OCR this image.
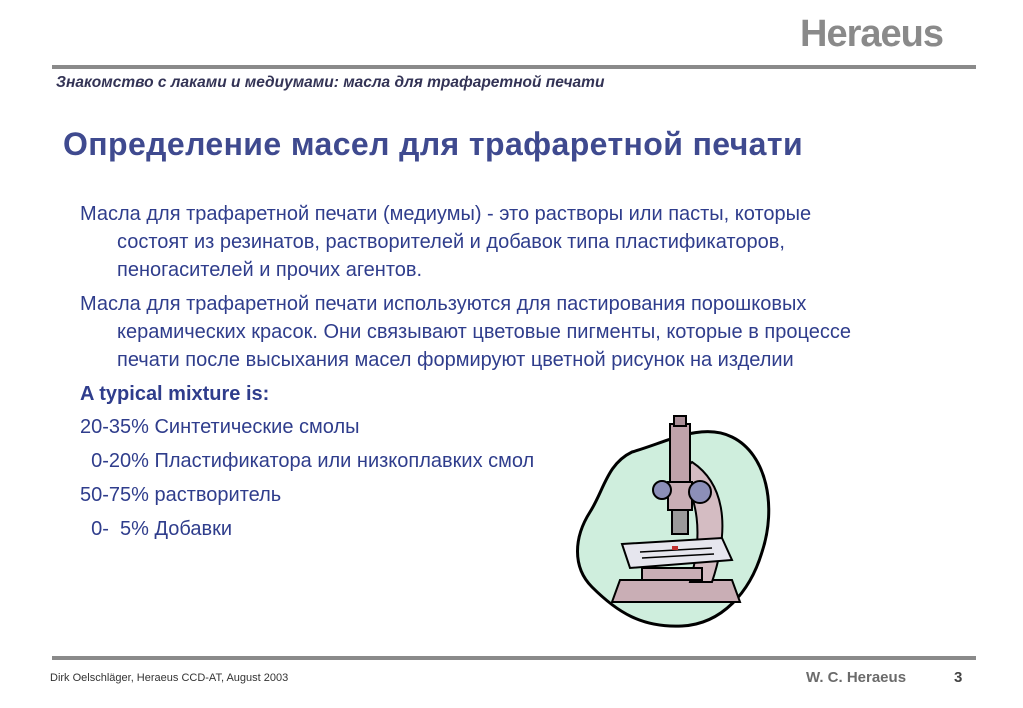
Heraeus
Знакомство с лаками и медиумами: масла для трафаретной печати
Определение масел для трафаретной печати

Масла для трафаретной печати (медиумы) - это растворы или пасты, которые состоят из резинатов, растворителей и добавок типа пластификаторов, пеногасителей и прочих агентов.

Масла для трафаретной печати используются для пастирования порошковых керамических красок. Они связывают цветовые пигменты, которые в процессе печати после высыхания масел формируют цветной рисунок на изделии

A typical mixture is:

20-35% Синтетические смолы

0-20% Пластификатора или низкоплавких смол

50-75% растворитель

0-  5% Добавки

Dirk Oelschläger, Heraeus CCD-AT, August 2003	W. C. Heraeus	3
